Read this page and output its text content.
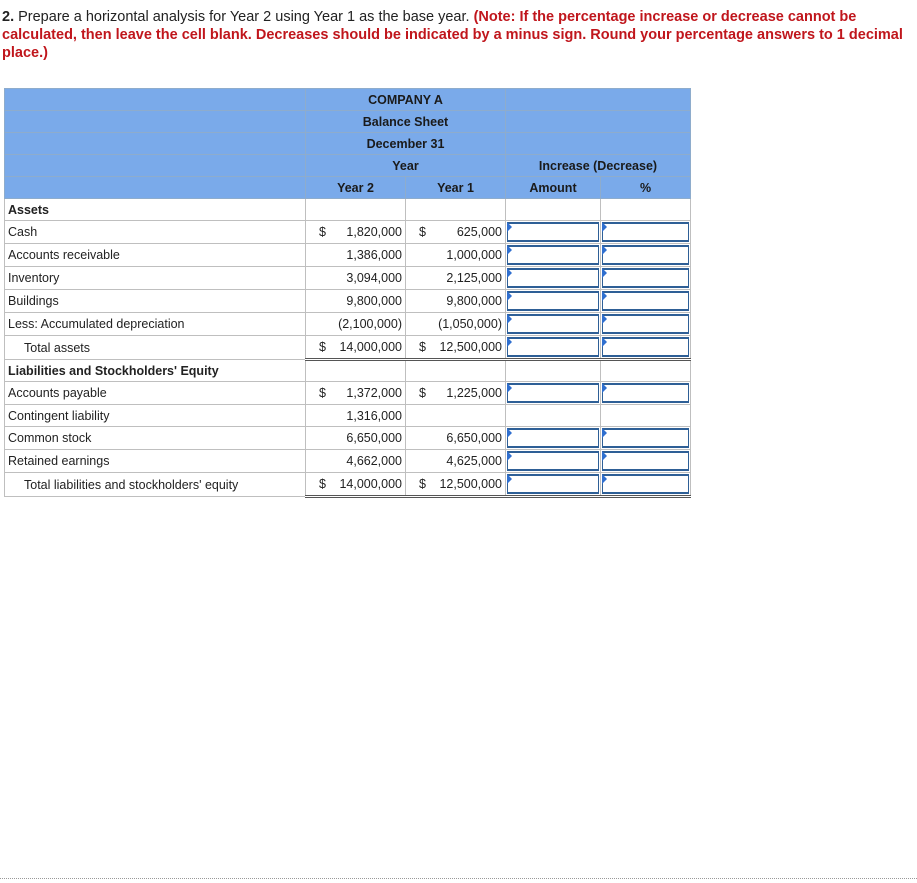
2. Prepare a horizontal analysis for Year 2 using Year 1 as the base year. (Note: If the percentage increase or decrease cannot be calculated, then leave the cell blank. Decreases should be indicated by a minus sign. Round your percentage answers to 1 decimal place.)
	COMPANY A			
	Balance Sheet			
	December 31			
	Year		Increase (Decrease)	
	Year 2	Year 1	Amount	%
Assets				
Cash	$ 1,820,000	$ 625,000

Accounts receivable	1,386,000	1,000,000

Inventory	3,094,000	2,125,000

Buildings	9,800,000	9,800,000

Less: Accumulated depreciation	(2,100,000)	(1,050,000)

Total assets	$ 14,000,000	$ 12,500,000

Liabilities and Stockholders' Equity				
Accounts payable	$ 1,372,000	$ 1,225,000

Contingent liability	1,316,000			

Common stock	6,650,000	6,650,000

Retained earnings	4,662,000	4,625,000

Total liabilities and stockholders' equity	$ 14,000,000	$ 12,500,000
